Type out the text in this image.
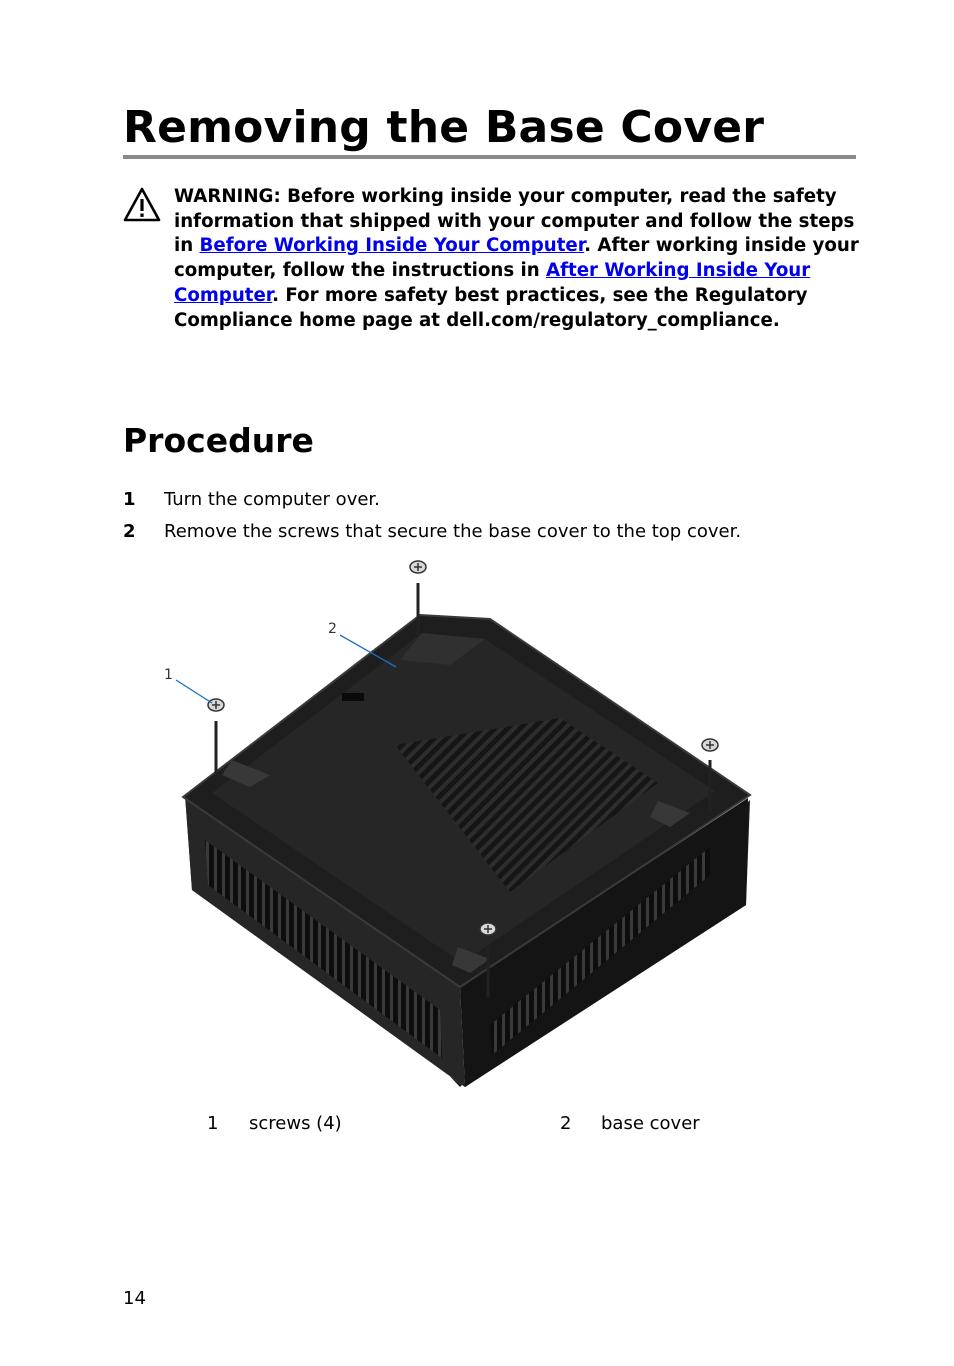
Removing the Base Cover
WARNING: Before working inside your computer, read the safety information that shipped with your computer and follow the steps in Before Working Inside Your Computer. After working inside your computer, follow the instructions in After Working Inside Your Computer. For more safety best practices, see the Regulatory Compliance home page at dell.com/regulatory_compliance.
Procedure
1 Turn the computer over.
2 Remove the screws that secure the base cover to the top cover.
1
2
1 screws (4)	2 base cover
14
